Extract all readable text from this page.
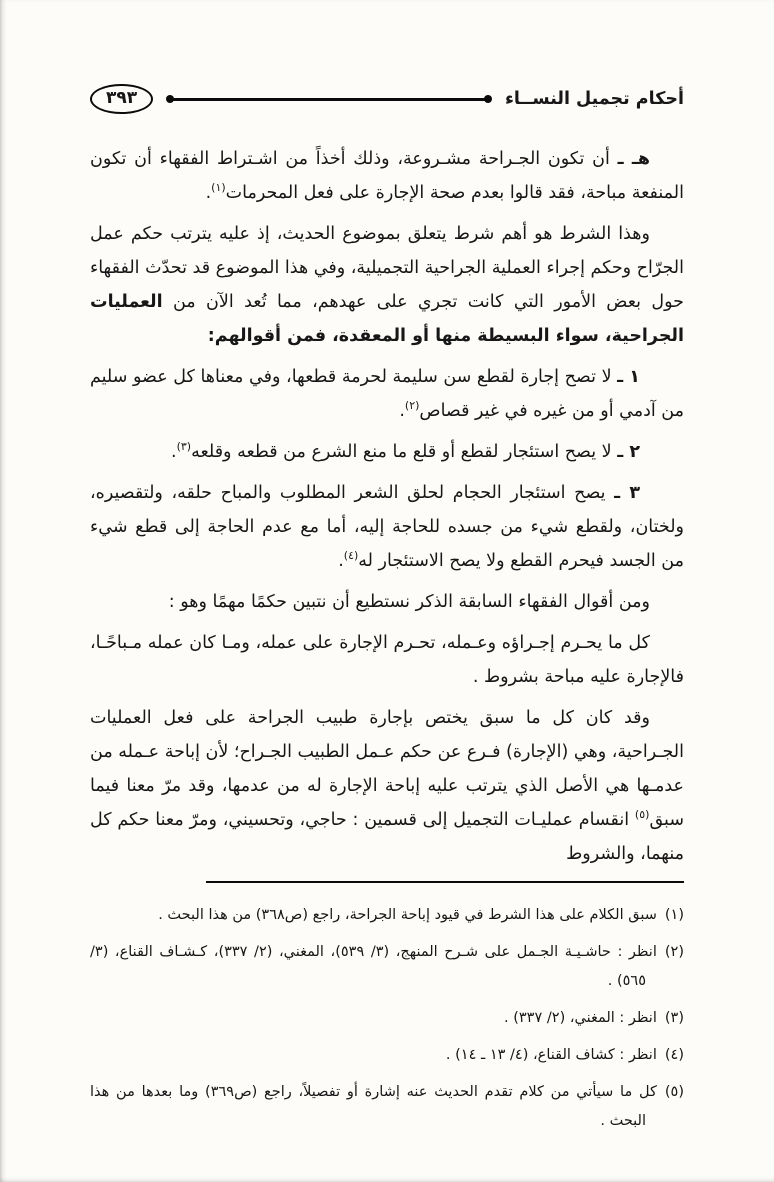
أحكام تجميل النســاء
٣٩٣

هـ ـ أن تكون الجـراحة مشـروعة، وذلك أخذاً من اشـتراط الفقهاء أن تكون المنفعة مباحة، فقد قالوا بعدم صحة الإجارة على فعل المحرمات$^{(١)}$.

وهذا الشرط هو أهم شرط يتعلق بموضوع الحديث، إذ عليه يترتب حكم عمل الجرّاح وحكم إجراء العملية الجراحية التجميلية، وفي هذا الموضوع قد تحدّث الفقهاء حول بعض الأمور التي كانت تجري على عهدهم، مما تُعد الآن من العمليات الجراحية، سواء البسيطة منها أو المعقدة، فمن أقوالهم:

١ ـ لا تصح إجارة لقطع سن سليمة لحرمة قطعها، وفي معناها كل عضو سليم من آدمي أو من غيره في غير قصاص$^{(٢)}$.

٢ ـ لا يصح استئجار لقطع أو قلع ما منع الشرع من قطعه وقلعه$^{(٣)}$.

٣ ـ يصح استئجار الحجام لحلق الشعر المطلوب والمباح حلقه، ولتقصيره، ولختان، ولقطع شيء من جسده للحاجة إليه، أما مع عدم الحاجة إلى قطع شيء من الجسد فيحرم القطع ولا يصح الاستئجار له$^{(٤)}$.

ومن أقوال الفقهاء السابقة الذكر نستطيع أن نتبين حكمًا مهمًا وهو :

كل ما يحـرم إجـراؤه وعـمله، تحـرم الإجارة على عمله، ومـا كان عمله مـباحًـا، فالإجارة عليه مباحة بشروط .

وقد كان كل ما سبق يختص بإجارة طبيب الجراحة على فعل العمليات الجـراحية، وهي (الإجارة) فـرع عن حكم عـمل الطبيب الجـراح؛ لأن إباحة عـمله من عدمـها هي الأصل الذي يترتب عليه إباحة الإجارة له من عدمها، وقد مرّ معنا فيما سبق$^{(٥)}$ انقسام عمليـات التجميل إلى قسمين : حاجي، وتحسيني، ومرّ معنا حكم كل منهما، والشروط

(١)سبق الكلام على هذا الشرط في قيود إباحة الجراحة، راجع (ص٣٦٨) من هذا البحث .

(٢)انظر : حاشـيـة الجـمل على شـرح المنهج، (٣/ ٥٣٩)، المغني، (٢/ ٣٣٧)، كـشـاف القناع، (٣/ ٥٦٥) .

(٣)انظر : المغني، (٢/ ٣٣٧) .

(٤)انظر : كشاف القناع، (٤/ ١٣ ـ ١٤) .

(٥)كل ما سيأتي من كلام تقدم الحديث عنه إشارة أو تفصيلاً، راجع (ص٣٦٩) وما بعدها من هذا البحث .
